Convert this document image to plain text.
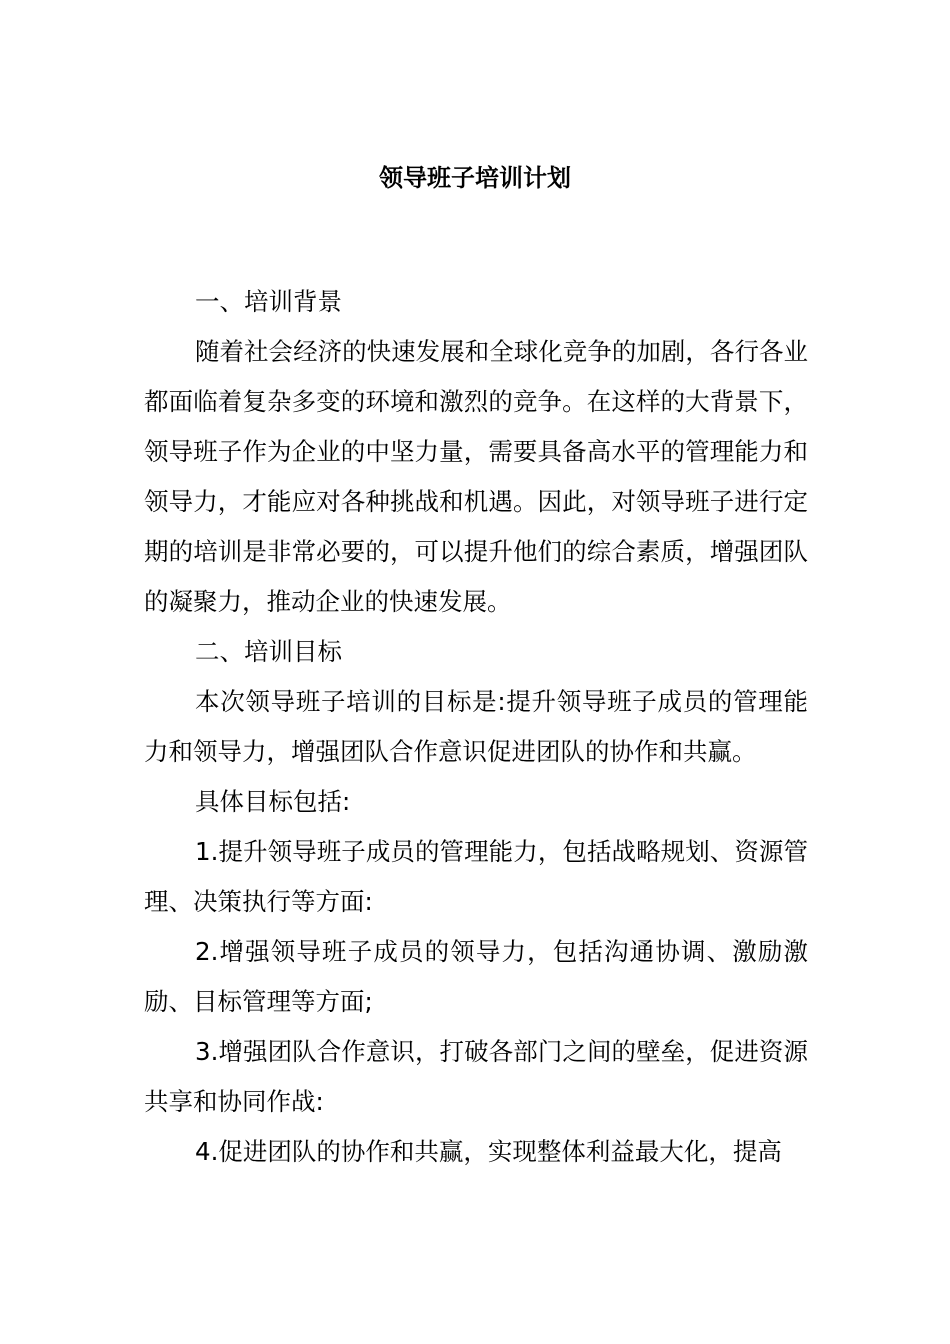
领导班子培训计划

一、培训背景

随着社会经济的快速发展和全球化竞争的加剧，各行各业都面临着复杂多变的环境和激烈的竞争。在这样的大背景下，领导班子作为企业的中坚力量，需要具备高水平的管理能力和领导力，才能应对各种挑战和机遇。因此，对领导班子进行定期的培训是非常必要的，可以提升他们的综合素质，增强团队的凝聚力，推动企业的快速发展。

二、培训目标

本次领导班子培训的目标是:提升领导班子成员的管理能力和领导力，增强团队合作意识促进团队的协作和共赢。

具体目标包括:

1.提升领导班子成员的管理能力，包括战略规划、资源管理、决策执行等方面:

2.增强领导班子成员的领导力，包括沟通协调、激励激励、目标管理等方面;

3.增强团队合作意识，打破各部门之间的壁垒，促进资源共享和协同作战:

4.促进团队的协作和共赢，实现整体利益最大化，提高
